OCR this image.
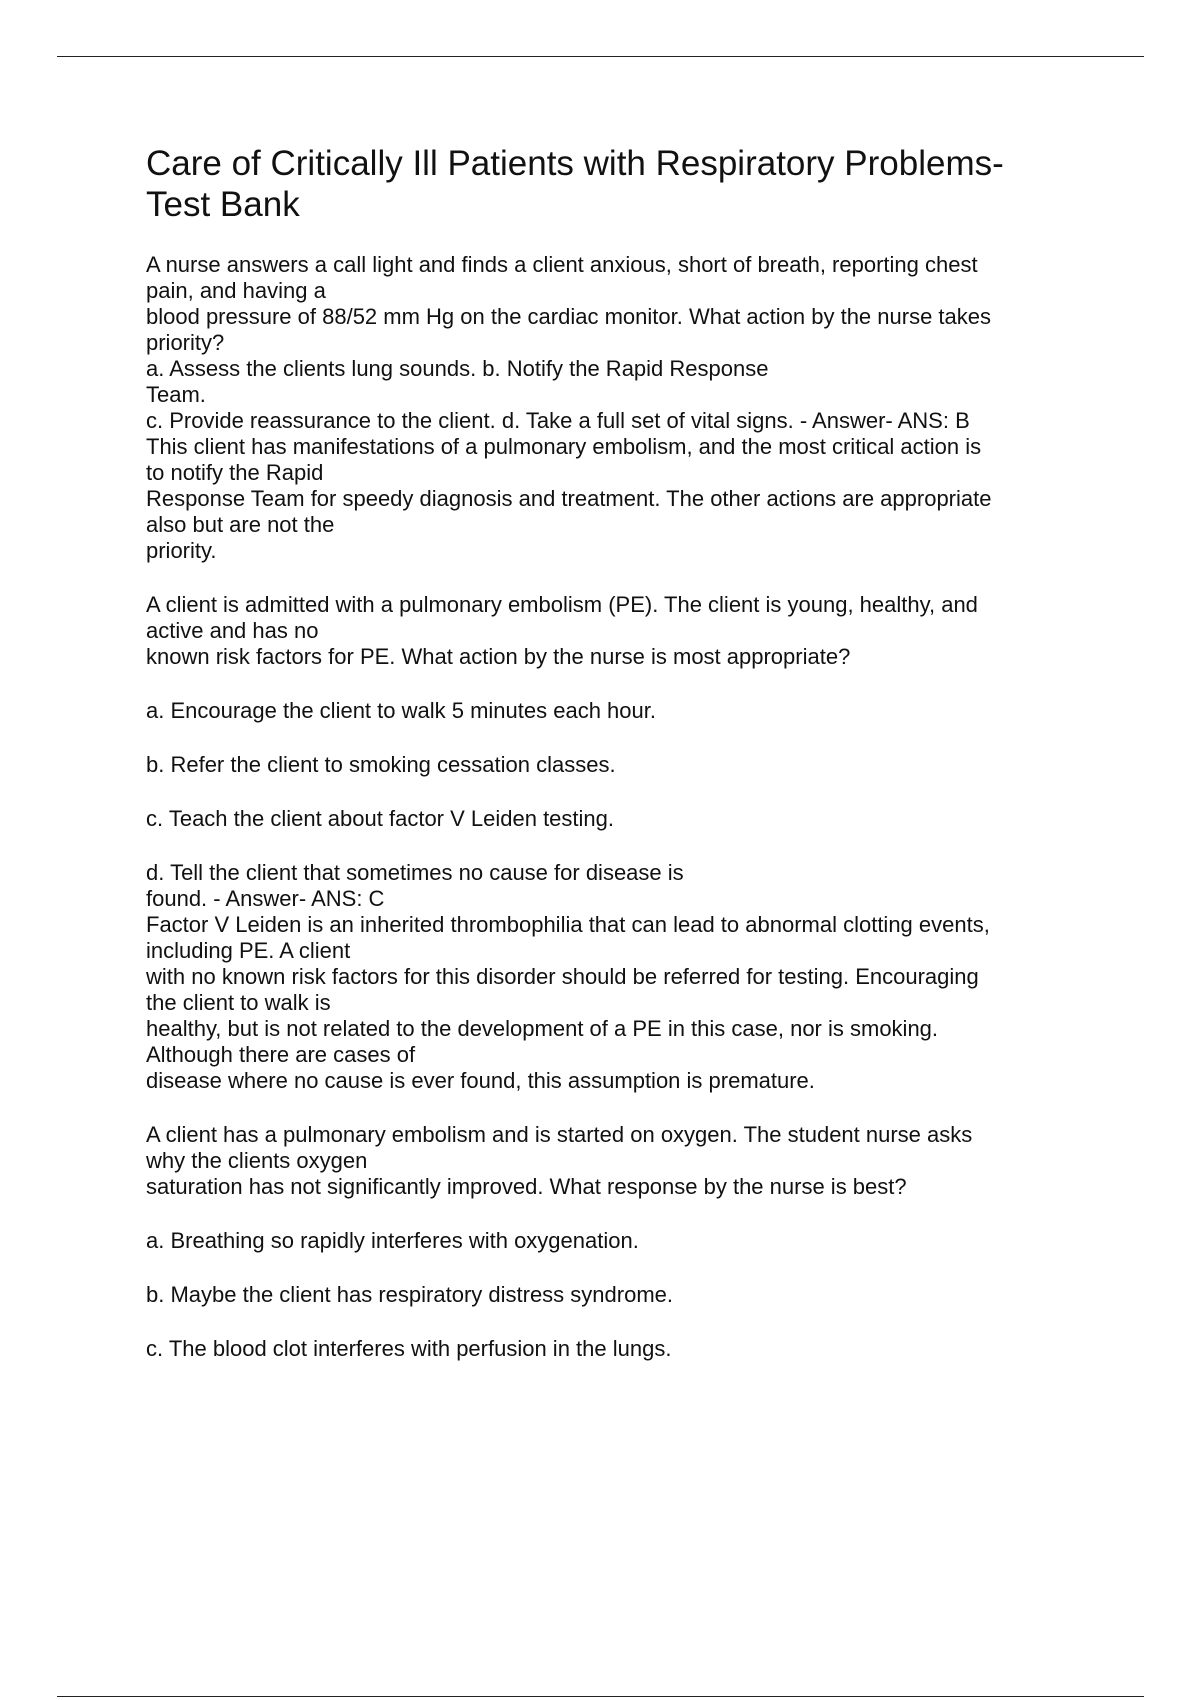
Care of Critically Ill Patients with Respiratory Problems-
Test Bank
A nurse answers a call light and finds a client anxious, short of breath, reporting chest
pain, and having a
blood pressure of 88/52 mm Hg on the cardiac monitor. What action by the nurse takes
priority?
a. Assess the clients lung sounds. b. Notify the Rapid Response
Team.
c. Provide reassurance to the client. d. Take a full set of vital signs. - Answer- ANS: B
This client has manifestations of a pulmonary embolism, and the most critical action is
to notify the Rapid
Response Team for speedy diagnosis and treatment. The other actions are appropriate
also but are not the
priority.
A client is admitted with a pulmonary embolism (PE). The client is young, healthy, and
active and has no
known risk factors for PE. What action by the nurse is most appropriate?
a. Encourage the client to walk 5 minutes each hour.
b. Refer the client to smoking cessation classes.
c. Teach the client about factor V Leiden testing.
d. Tell the client that sometimes no cause for disease is
found. - Answer- ANS: C
Factor V Leiden is an inherited thrombophilia that can lead to abnormal clotting events,
including PE. A client
with no known risk factors for this disorder should be referred for testing. Encouraging
the client to walk is
healthy, but is not related to the development of a PE in this case, nor is smoking.
Although there are cases of
disease where no cause is ever found, this assumption is premature.
A client has a pulmonary embolism and is started on oxygen. The student nurse asks
why the clients oxygen
saturation has not significantly improved. What response by the nurse is best?
a. Breathing so rapidly interferes with oxygenation.
b. Maybe the client has respiratory distress syndrome.
c. The blood clot interferes with perfusion in the lungs.
